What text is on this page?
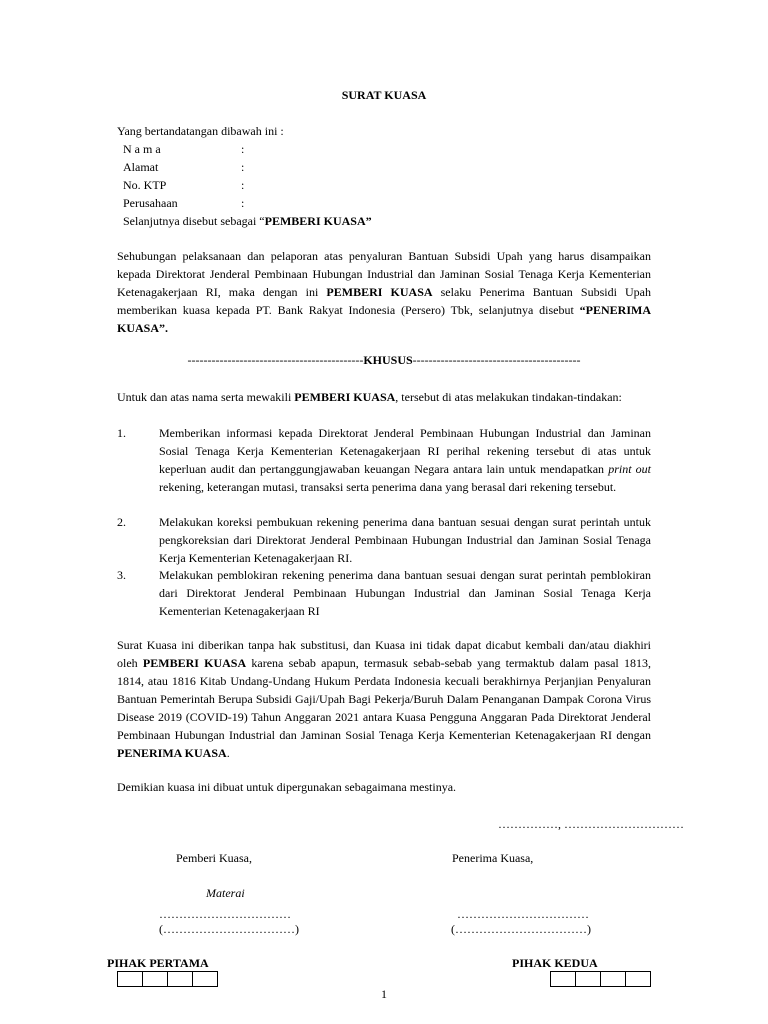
SURAT KUASA
Yang bertandatangan dibawah ini :
N a m a	:
Alamat	:
No. KTP	:
Perusahaan	:
Selanjutnya disebut sebagai “PEMBERI KUASA”
Sehubungan pelaksanaan dan pelaporan atas penyaluran Bantuan Subsidi Upah yang harus disampaikan kepada Direktorat Jenderal Pembinaan Hubungan Industrial dan Jaminan Sosial Tenaga Kerja Kementerian Ketenagakerjaan RI, maka dengan ini PEMBERI KUASA selaku Penerima Bantuan Subsidi Upah memberikan kuasa kepada PT. Bank Rakyat Indonesia (Persero) Tbk, selanjutnya disebut “PENERIMA KUASA”.
--------------------------------------------KHUSUS------------------------------------------
Untuk dan atas nama serta mewakili PEMBERI KUASA, tersebut di atas melakukan tindakan-tindakan:
1.	Memberikan informasi kepada Direktorat Jenderal Pembinaan Hubungan Industrial dan Jaminan Sosial Tenaga Kerja Kementerian Ketenagakerjaan RI perihal rekening tersebut di atas untuk keperluan audit dan pertanggungjawaban keuangan Negara antara lain untuk mendapatkan print out rekening, keterangan mutasi, transaksi serta penerima dana yang berasal dari rekening tersebut.
2.	Melakukan koreksi pembukuan rekening penerima dana bantuan sesuai dengan surat perintah untuk pengkoreksian dari Direktorat Jenderal Pembinaan Hubungan Industrial dan Jaminan Sosial Tenaga Kerja Kementerian Ketenagakerjaan RI.
3.	Melakukan pemblokiran rekening penerima dana bantuan sesuai dengan surat perintah pemblokiran dari Direktorat Jenderal Pembinaan Hubungan Industrial dan Jaminan Sosial Tenaga Kerja Kementerian Ketenagakerjaan RI
Surat Kuasa ini diberikan tanpa hak substitusi, dan Kuasa ini tidak dapat dicabut kembali dan/atau diakhiri oleh PEMBERI KUASA karena sebab apapun, termasuk sebab-sebab yang termaktub dalam pasal 1813, 1814, atau 1816 Kitab Undang-Undang Hukum Perdata Indonesia kecuali berakhirnya Perjanjian Penyaluran Bantuan Pemerintah Berupa Subsidi Gaji/Upah Bagi Pekerja/Buruh Dalam Penanganan Dampak Corona Virus Disease 2019 (COVID-19) Tahun Anggaran 2021 antara Kuasa Pengguna Anggaran Pada Direktorat Jenderal Pembinaan Hubungan Industrial dan Jaminan Sosial Tenaga Kerja Kementerian Ketenagakerjaan RI dengan PENERIMA KUASA.
Demikian kuasa ini dibuat untuk dipergunakan sebagaimana mestinya.
……………, …………………………
Pemberi Kuasa,	Penerima Kuasa,
Materai
……………………………
(……………………………)
……………………………
(……………………………)
PIHAK PERTAMA	PIHAK KEDUA
1
